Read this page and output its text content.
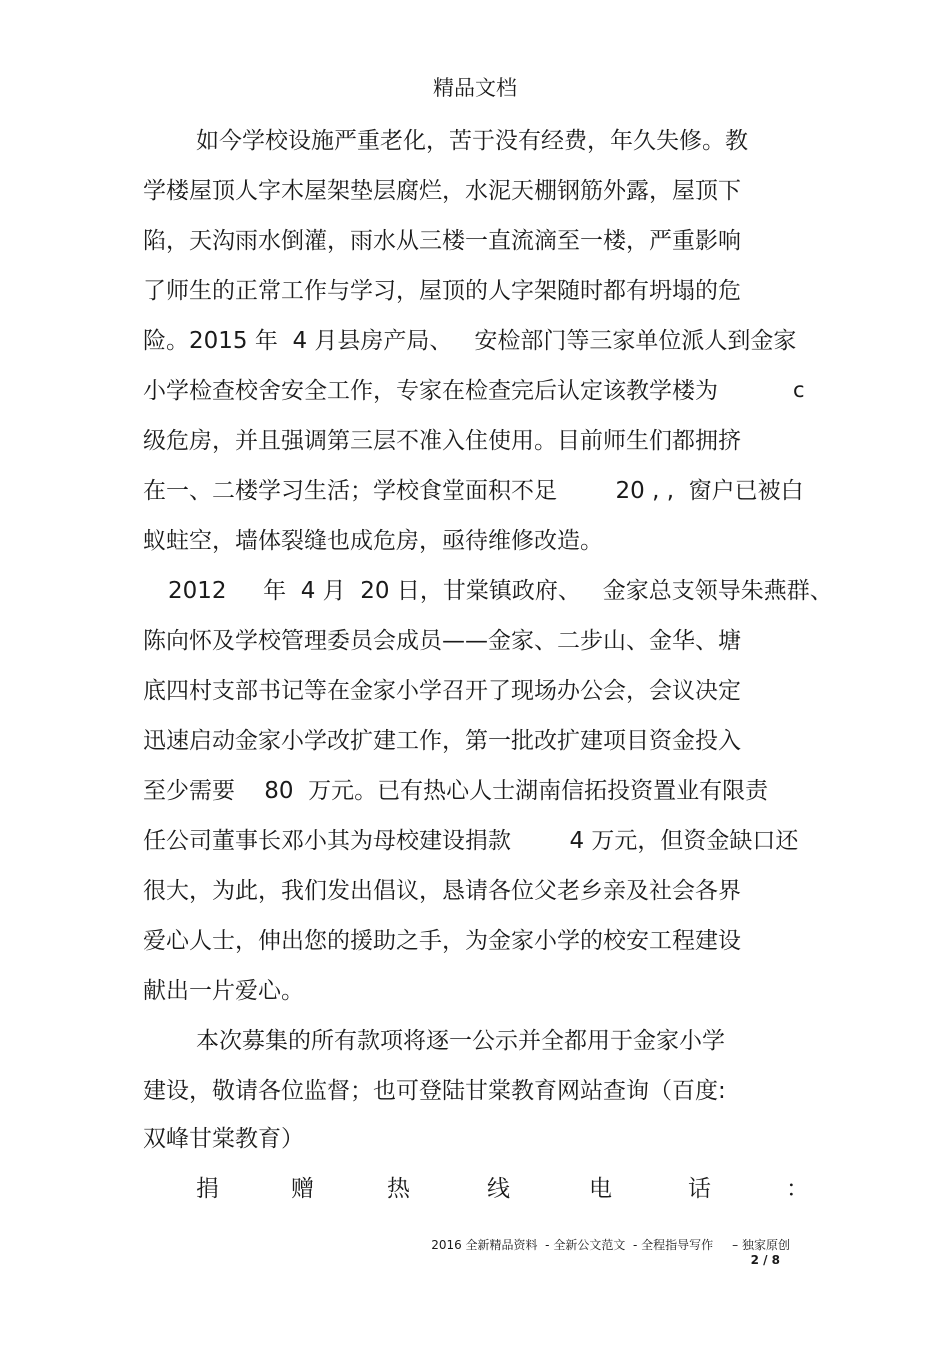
精品文档
如今学校设施严重老化，苦于没有经费，年久失修。教
学楼屋顶人字木屋架垫层腐烂，水泥天棚钢筋外露，屋顶下
陷，天沟雨水倒灌，雨水从三楼一直流滴至一楼，严重影响
了师生的正常工作与学习，屋顶的人字架随时都有坍塌的危
险。2015 年  4 月县房产局、   安检部门等三家单位派人到金家
小学检查校舍安全工作，专家在检查完后认定该教学楼为
级危房，并且强调第三层不准入住使用。目前师生们都拥挤
在一、二楼学习生活；学校食堂面积不足        20 , ,  窗户已被白
蚁蛀空，墙体裂缝也成危房，亟待维修改造。
2012     年  4 月  20 日，甘棠镇政府、   金家总支领导朱燕群、
陈向怀及学校管理委员会成员——金家、二步山、金华、塘
底四村支部书记等在金家小学召开了现场办公会，会议决定
迅速启动金家小学改扩建工作，第一批改扩建项目资金投入
至少需要    80  万元。已有热心人士湖南信拓投资置业有限责
任公司董事长邓小其为母校建设捐款        4 万元，但资金缺口还
很大，为此，我们发出倡议，恳请各位父老乡亲及社会各界
爱心人士，伸出您的援助之手，为金家小学的校安工程建设
献出一片爱心。
本次募集的所有款项将逐一公示并全都用于金家小学
建设，敬请各位监督；也可登陆甘棠教育网站查询（百度:
双峰甘棠教育）
c
捐	赠	热	线	电	话	：
2016 全新精品资料  - 全新公文范文  - 全程指导写作     – 独家原创
2 / 8
